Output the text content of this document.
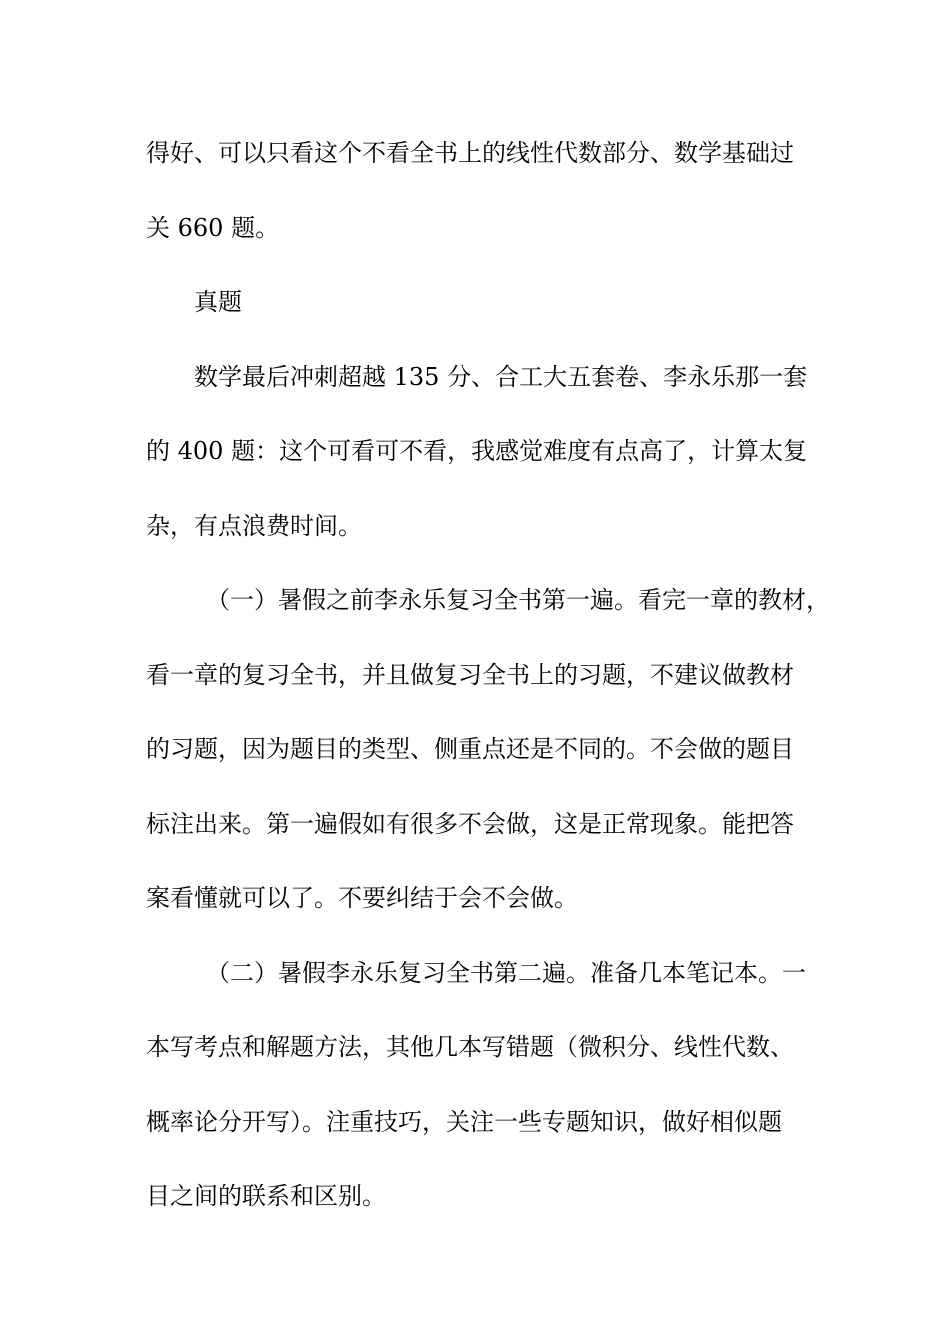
得好、可以只看这个不看全书上的线性代数部分、数学基础过
关 660 题。
真题
数学最后冲刺超越 135 分、合工大五套卷、李永乐那一套
的 400 题：这个可看可不看，我感觉难度有点高了，计算太复
杂，有点浪费时间。
（一）暑假之前李永乐复习全书第一遍。看完一章的教材，
看一章的复习全书，并且做复习全书上的习题，不建议做教材
的习题，因为题目的类型、侧重点还是不同的。不会做的题目
标注出来。第一遍假如有很多不会做，这是正常现象。能把答
案看懂就可以了。不要纠结于会不会做。
（二）暑假李永乐复习全书第二遍。准备几本笔记本。一
本写考点和解题方法，其他几本写错题（微积分、线性代数、
概率论分开写）。注重技巧，关注一些专题知识，做好相似题
目之间的联系和区别。
